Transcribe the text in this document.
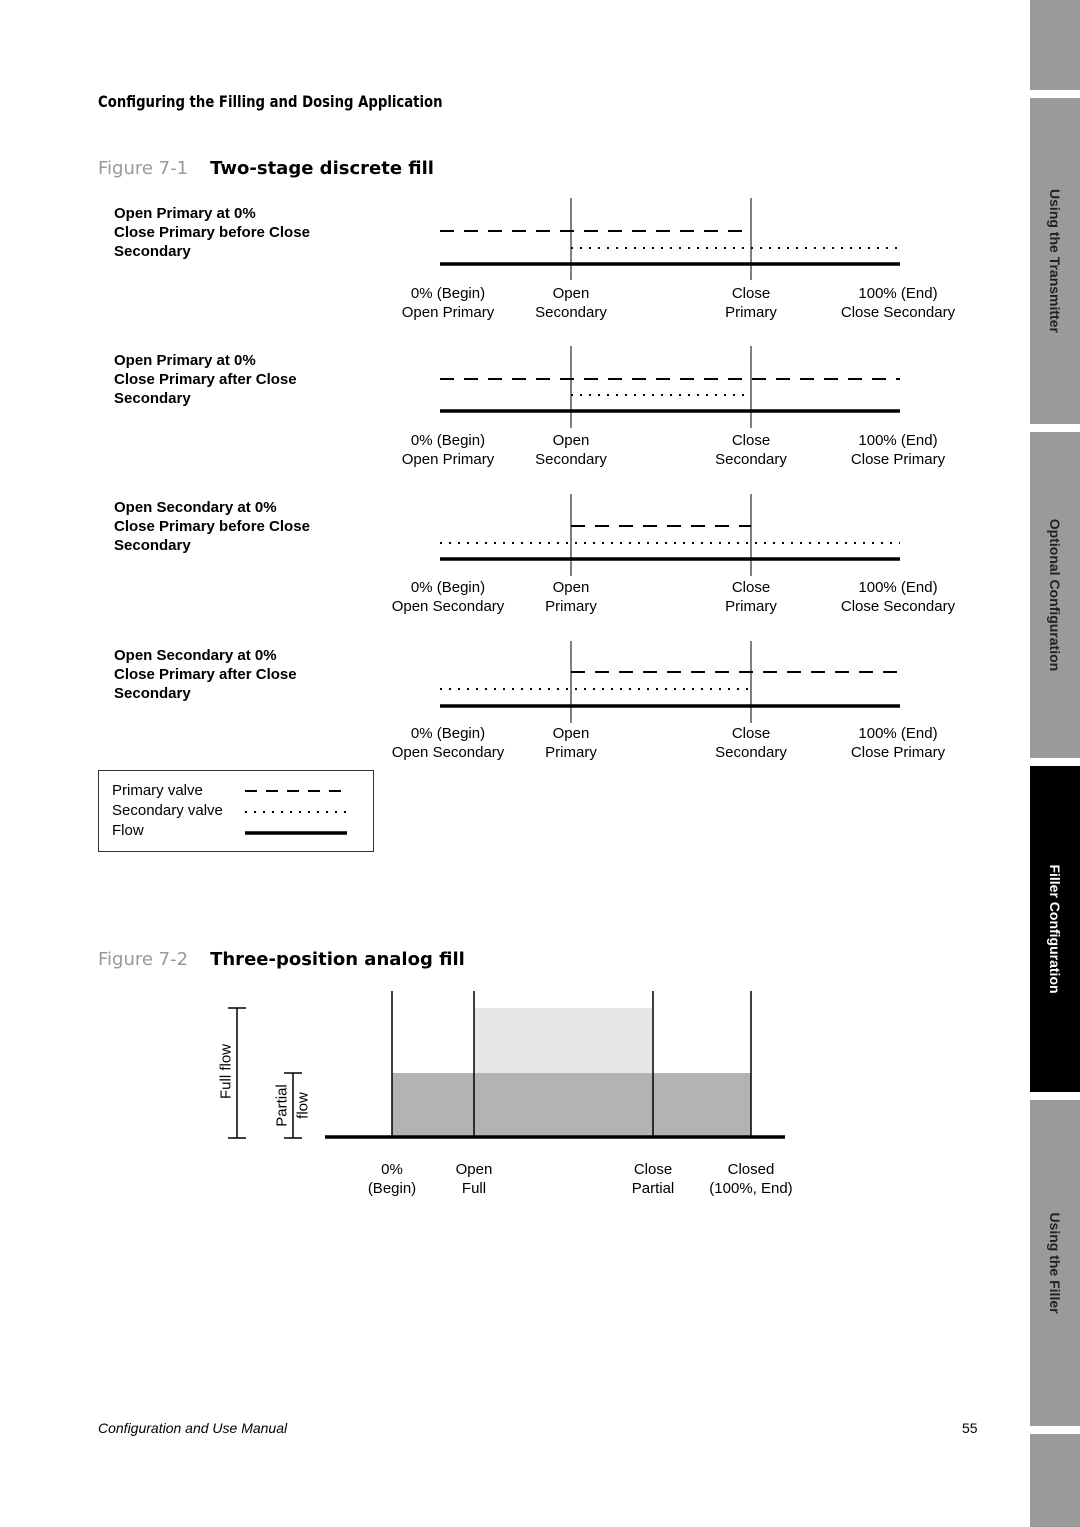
Configuring the Filling and Dosing Application
Figure 7-1 Two-stage discrete fill
Open Primary at 0%
Close Primary before Close
Secondary
Open Primary at 0%
Close Primary after Close
Secondary
Open Secondary at 0%
Close Primary before Close
Secondary
Open Secondary at 0%
Close Primary after Close
Secondary
0% (Begin)
Open Primary
Open
Secondary
Close
Primary
100% (End)
Close Secondary
0% (Begin)
Open Primary
Open
Secondary
Close
Secondary
100% (End)
Close Primary
0% (Begin)
Open Secondary
Open
Primary
Close
Primary
100% (End)
Close Secondary
0% (Begin)
Open Secondary
Open
Primary
Close
Secondary
100% (End)
Close Primary
Primary valve
Secondary valve
Flow
Figure 7-2 Three-position analog fill
Full flow
Partial flow
0%
(Begin)
Open
Full
Close
Partial
Closed
(100%, End)
Using the Transmitter
Optional Configuration
Filler Configuration
Using the Filler
Configuration and Use Manual	55
